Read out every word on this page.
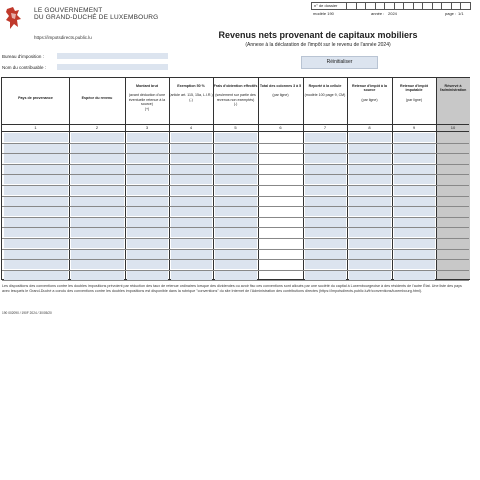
LE GOUVERNEMENT
DU GRAND-DUCHÉ DE LUXEMBOURG
https://impotsdirects.public.lu
n° de dossier
modèle 190	année : 2024	page : 1/1
Revenus nets provenant de capitaux mobiliers
(Annexe à la déclaration de l'impôt sur le revenu de l'année 2024)
Réinitialiser
Bureau d'imposition :
Nom du contribuable :
Pays de provenance
1
Espèce du revenu
2
Montant brut
(avant déduction d'une éventuelle retenue à la source)
(+)
3
Exemption 50 %
(article art. 115, 15a, L.I.R.)
(-)
4
Frais d'obtention effectifs
(seulement sur partie des revenus non exemptés)
(-)
5
Total des colonnes 3 à 5
(par ligne)
6
Reporté à la cellule
(modèle 100 page 9, CM)
7
Retenue d'impôt à la source
(par ligne)
8
Retenue d'impôt imputable
(par ligne)
9
Réservé à l'administration
10
Les dispositions des conventions contre les doubles impositions prévoient par réduction des taux de retenue ordinaires lorsque des dividendes ou avoir fisc ces conventions sont alloués par une société du capital à Luxembourgeoise à des résidents de l'autre État. Une liste des pays avec lesquels le Grand-Duché a conclu des conventions contre les doubles impositions est disponible dans la rubrique "conventions" du site Internet de l'Administration des contributions directes (https://impotsdirects.public.lu/fr/conventions/luxembourg.html).
190 002090 / 190F 2024 / 30/05/20
